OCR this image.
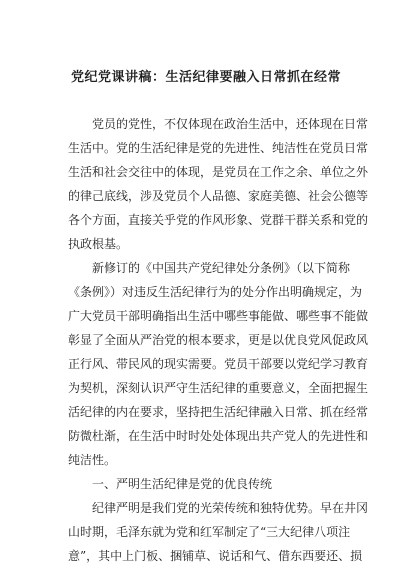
党纪党课讲稿：生活纪律要融入日常抓在经常
党员的党性，不仅体现在政治生活中，还体现在日常
生活中。党的生活纪律是党的先进性、纯洁性在党员日常
生活和社会交往中的体现，是党员在工作之余、单位之外
的律己底线，涉及党员个人品德、家庭美德、社会公德等
各个方面，直接关乎党的作风形象、党群干群关系和党的
执政根基。
新修订的《中国共产党纪律处分条例》（以下简称
《条例》）对违反生活纪律行为的处分作出明确规定，为
广大党员干部明确指出生活中哪些事能做、哪些事不能做
彰显了全面从严治党的根本要求，更是以优良党风促政风
正行风、带民风的现实需要。党员干部要以党纪学习教育
为契机，深刻认识严守生活纪律的重要意义，全面把握生
活纪律的内在要求，坚持把生活纪律融入日常、抓在经常
防微杜渐，在生活中时时处处体现出共产党人的先进性和
纯洁性。
一、严明生活纪律是党的优良传统
纪律严明是我们党的光荣传统和独特优势。早在井冈
山时期，毛泽东就为党和红军制定了“三大纪律八项注
意”，其中上门板、捆铺草、说话和气、借东西要还、损
